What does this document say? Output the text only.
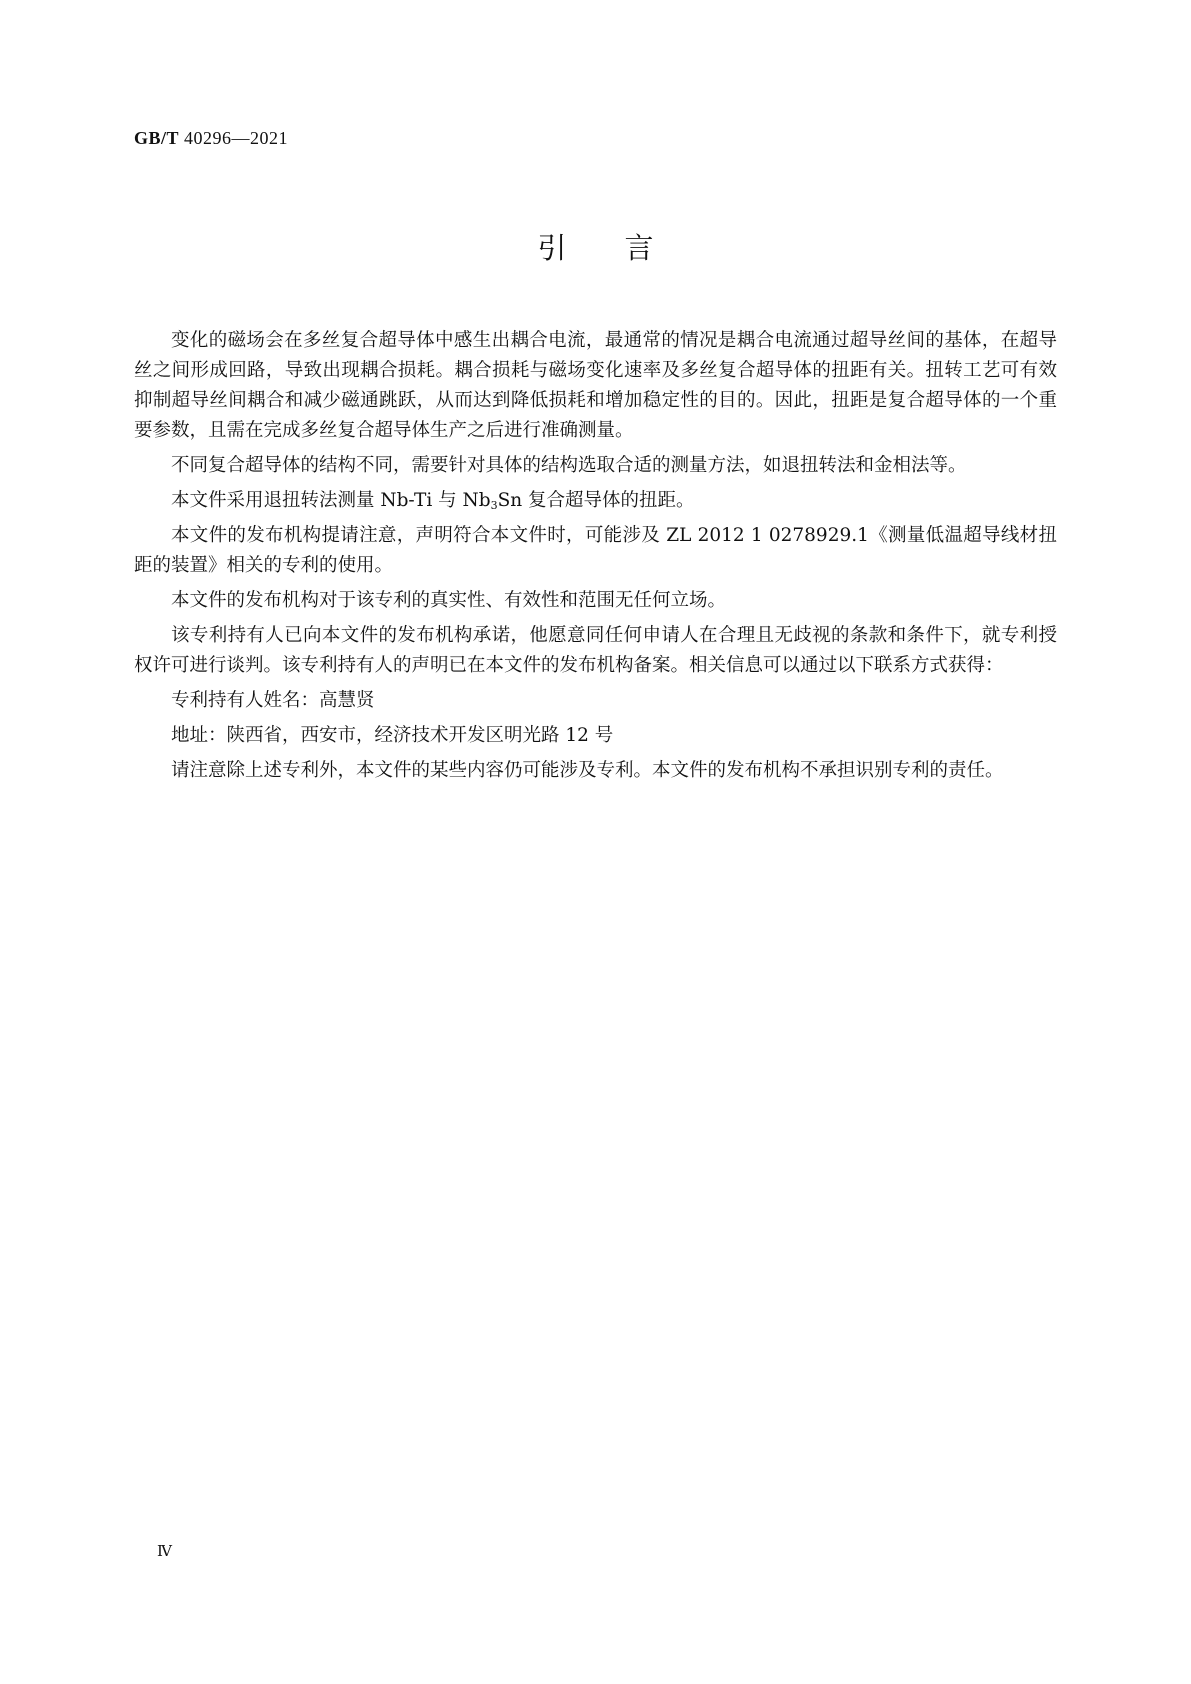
GB/T 40296—2021
引言

变化的磁场会在多丝复合超导体中感生出耦合电流，最通常的情况是耦合电流通过超导丝间的基体，在超导丝之间形成回路，导致出现耦合损耗。耦合损耗与磁场变化速率及多丝复合超导体的扭距有关。扭转工艺可有效抑制超导丝间耦合和减少磁通跳跃，从而达到降低损耗和增加稳定性的目的。因此，扭距是复合超导体的一个重要参数，且需在完成多丝复合超导体生产之后进行准确测量。

不同复合超导体的结构不同，需要针对具体的结构选取合适的测量方法，如退扭转法和金相法等。

本文件采用退扭转法测量 Nb-Ti 与 $Nb_3Sn$ 复合超导体的扭距。

本文件的发布机构提请注意，声明符合本文件时，可能涉及 ZL 2012 1 0278929.1《测量低温超导线材扭距的装置》相关的专利的使用。

本文件的发布机构对于该专利的真实性、有效性和范围无任何立场。

该专利持有人已向本文件的发布机构承诺，他愿意同任何申请人在合理且无歧视的条款和条件下，就专利授权许可进行谈判。该专利持有人的声明已在本文件的发布机构备案。相关信息可以通过以下联系方式获得：

专利持有人姓名：高慧贤

地址：陕西省，西安市，经济技术开发区明光路 12 号

请注意除上述专利外，本文件的某些内容仍可能涉及专利。本文件的发布机构不承担识别专利的责任。

Ⅳ
